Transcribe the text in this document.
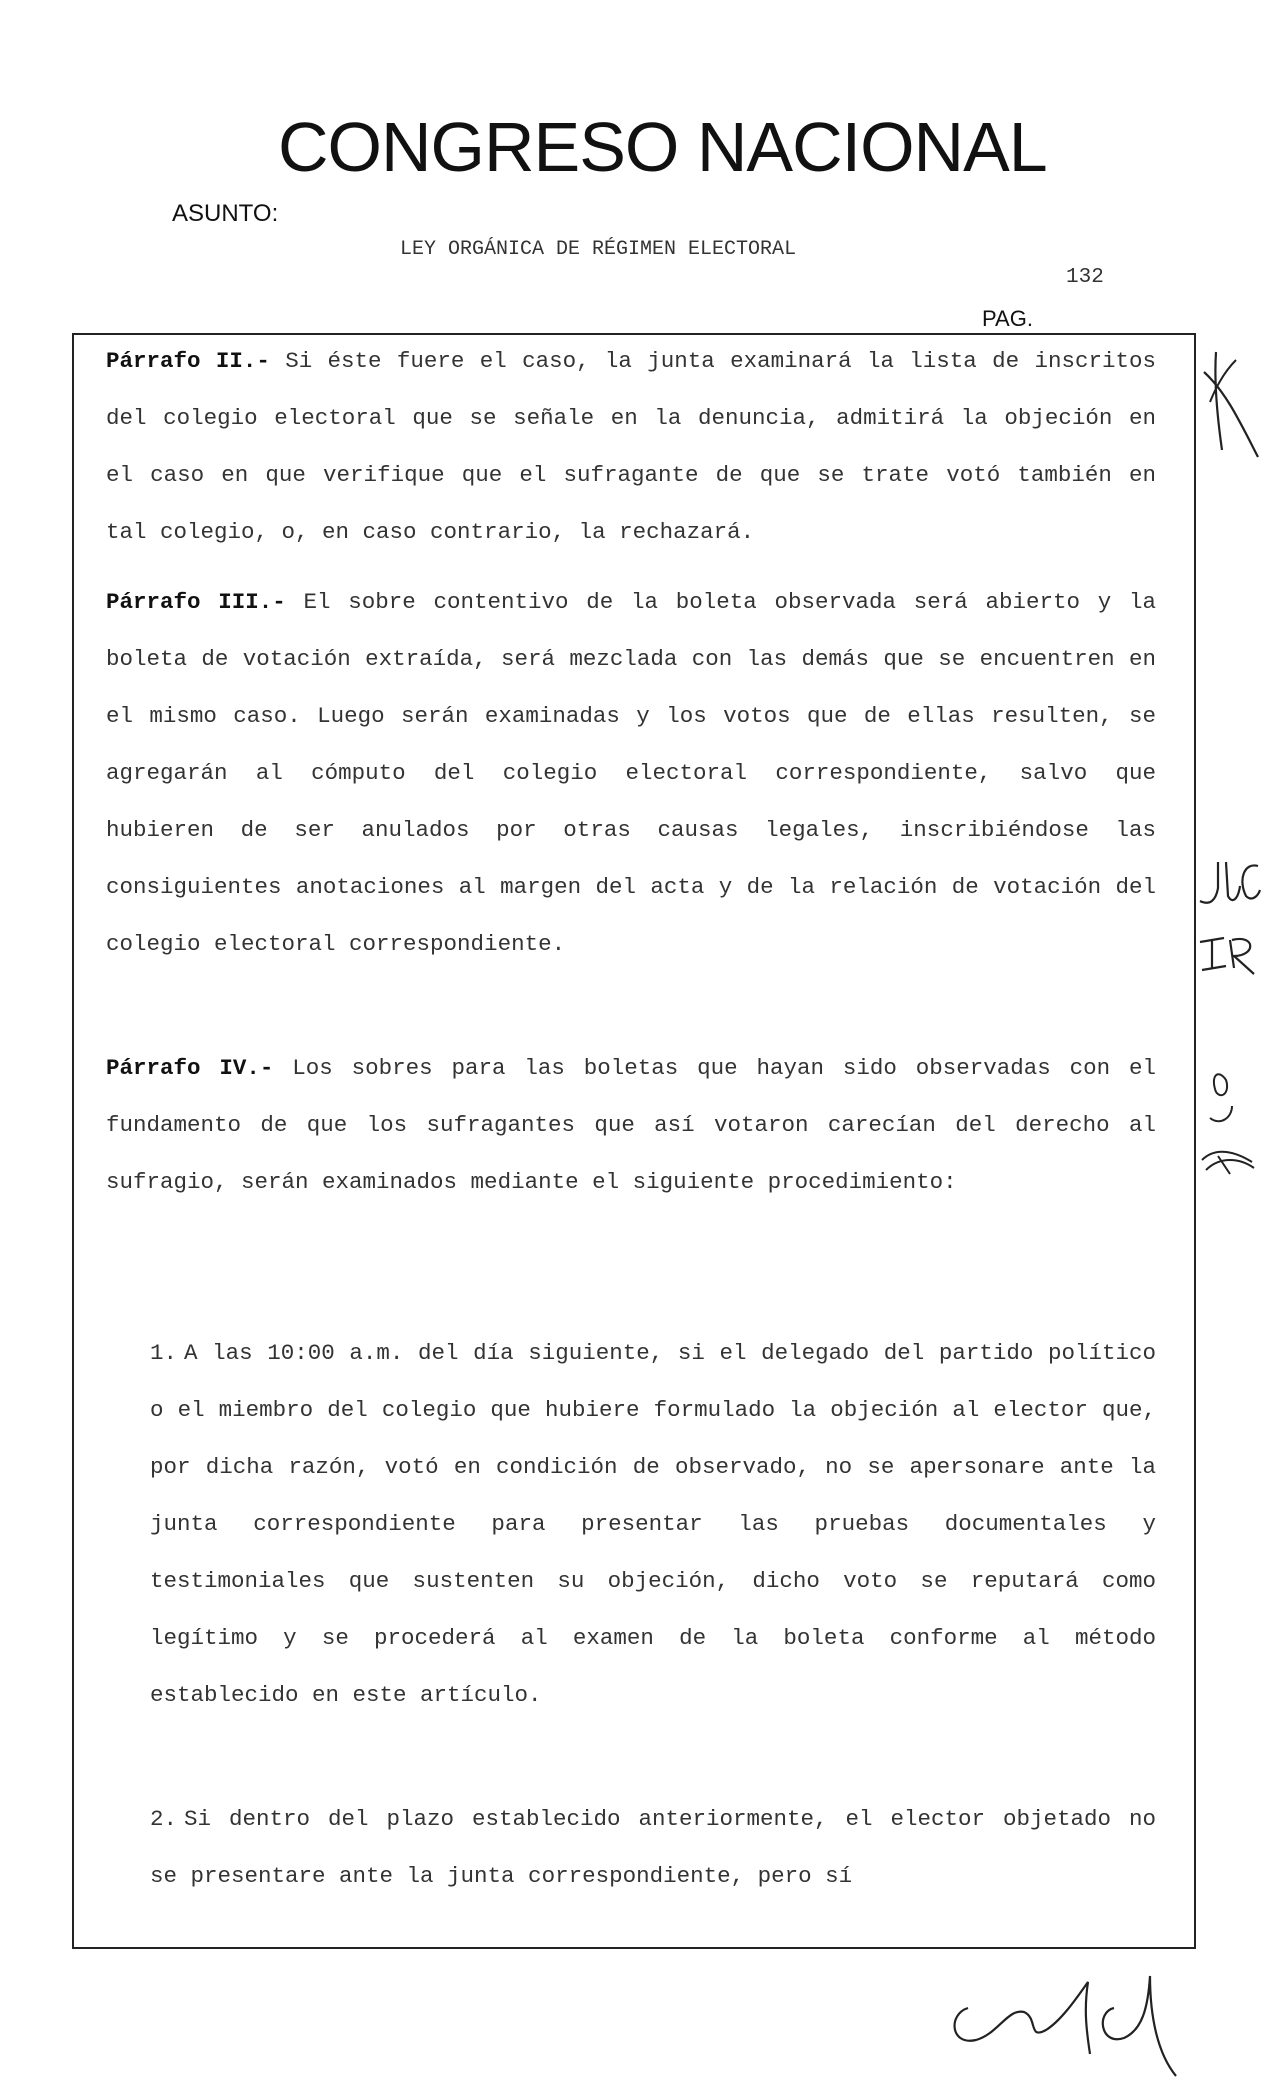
CONGRESO NACIONAL
ASUNTO:
LEY ORGÁNICA DE RÉGIMEN ELECTORAL
132
PAG.

Párrafo II.- Si éste fuere el caso, la junta examinará la lista de inscritos del colegio electoral que se señale en la denuncia, admitirá la objeción en el caso en que verifique que el sufragante de que se trate votó también en tal colegio, o, en caso contrario, la rechazará.

Párrafo III.- El sobre contentivo de la boleta observada será abierto y la boleta de votación extraída, será mezclada con las demás que se encuentren en el mismo caso. Luego serán examinadas y los votos que de ellas resulten, se agregarán al cómputo del colegio electoral correspondiente, salvo que hubieren de ser anulados por otras causas legales, inscribiéndose las consiguientes anotaciones al margen del acta y de la relación de votación del colegio electoral correspondiente.

Párrafo IV.- Los sobres para las boletas que hayan sido observadas con el fundamento de que los sufragantes que así votaron carecían del derecho al sufragio, serán examinados mediante el siguiente procedimiento:

1. A las 10:00 a.m. del día siguiente, si el delegado del partido político o el miembro del colegio que hubiere formulado la objeción al elector que, por dicha razón, votó en condición de observado, no se apersonare ante la junta correspondiente para presentar las pruebas documentales y testimoniales que sustenten su objeción, dicho voto se reputará como legítimo y se procederá al examen de la boleta conforme al método establecido en este artículo.
2. Si dentro del plazo establecido anteriormente, el elector objetado no se presentare ante la junta correspondiente, pero sí
